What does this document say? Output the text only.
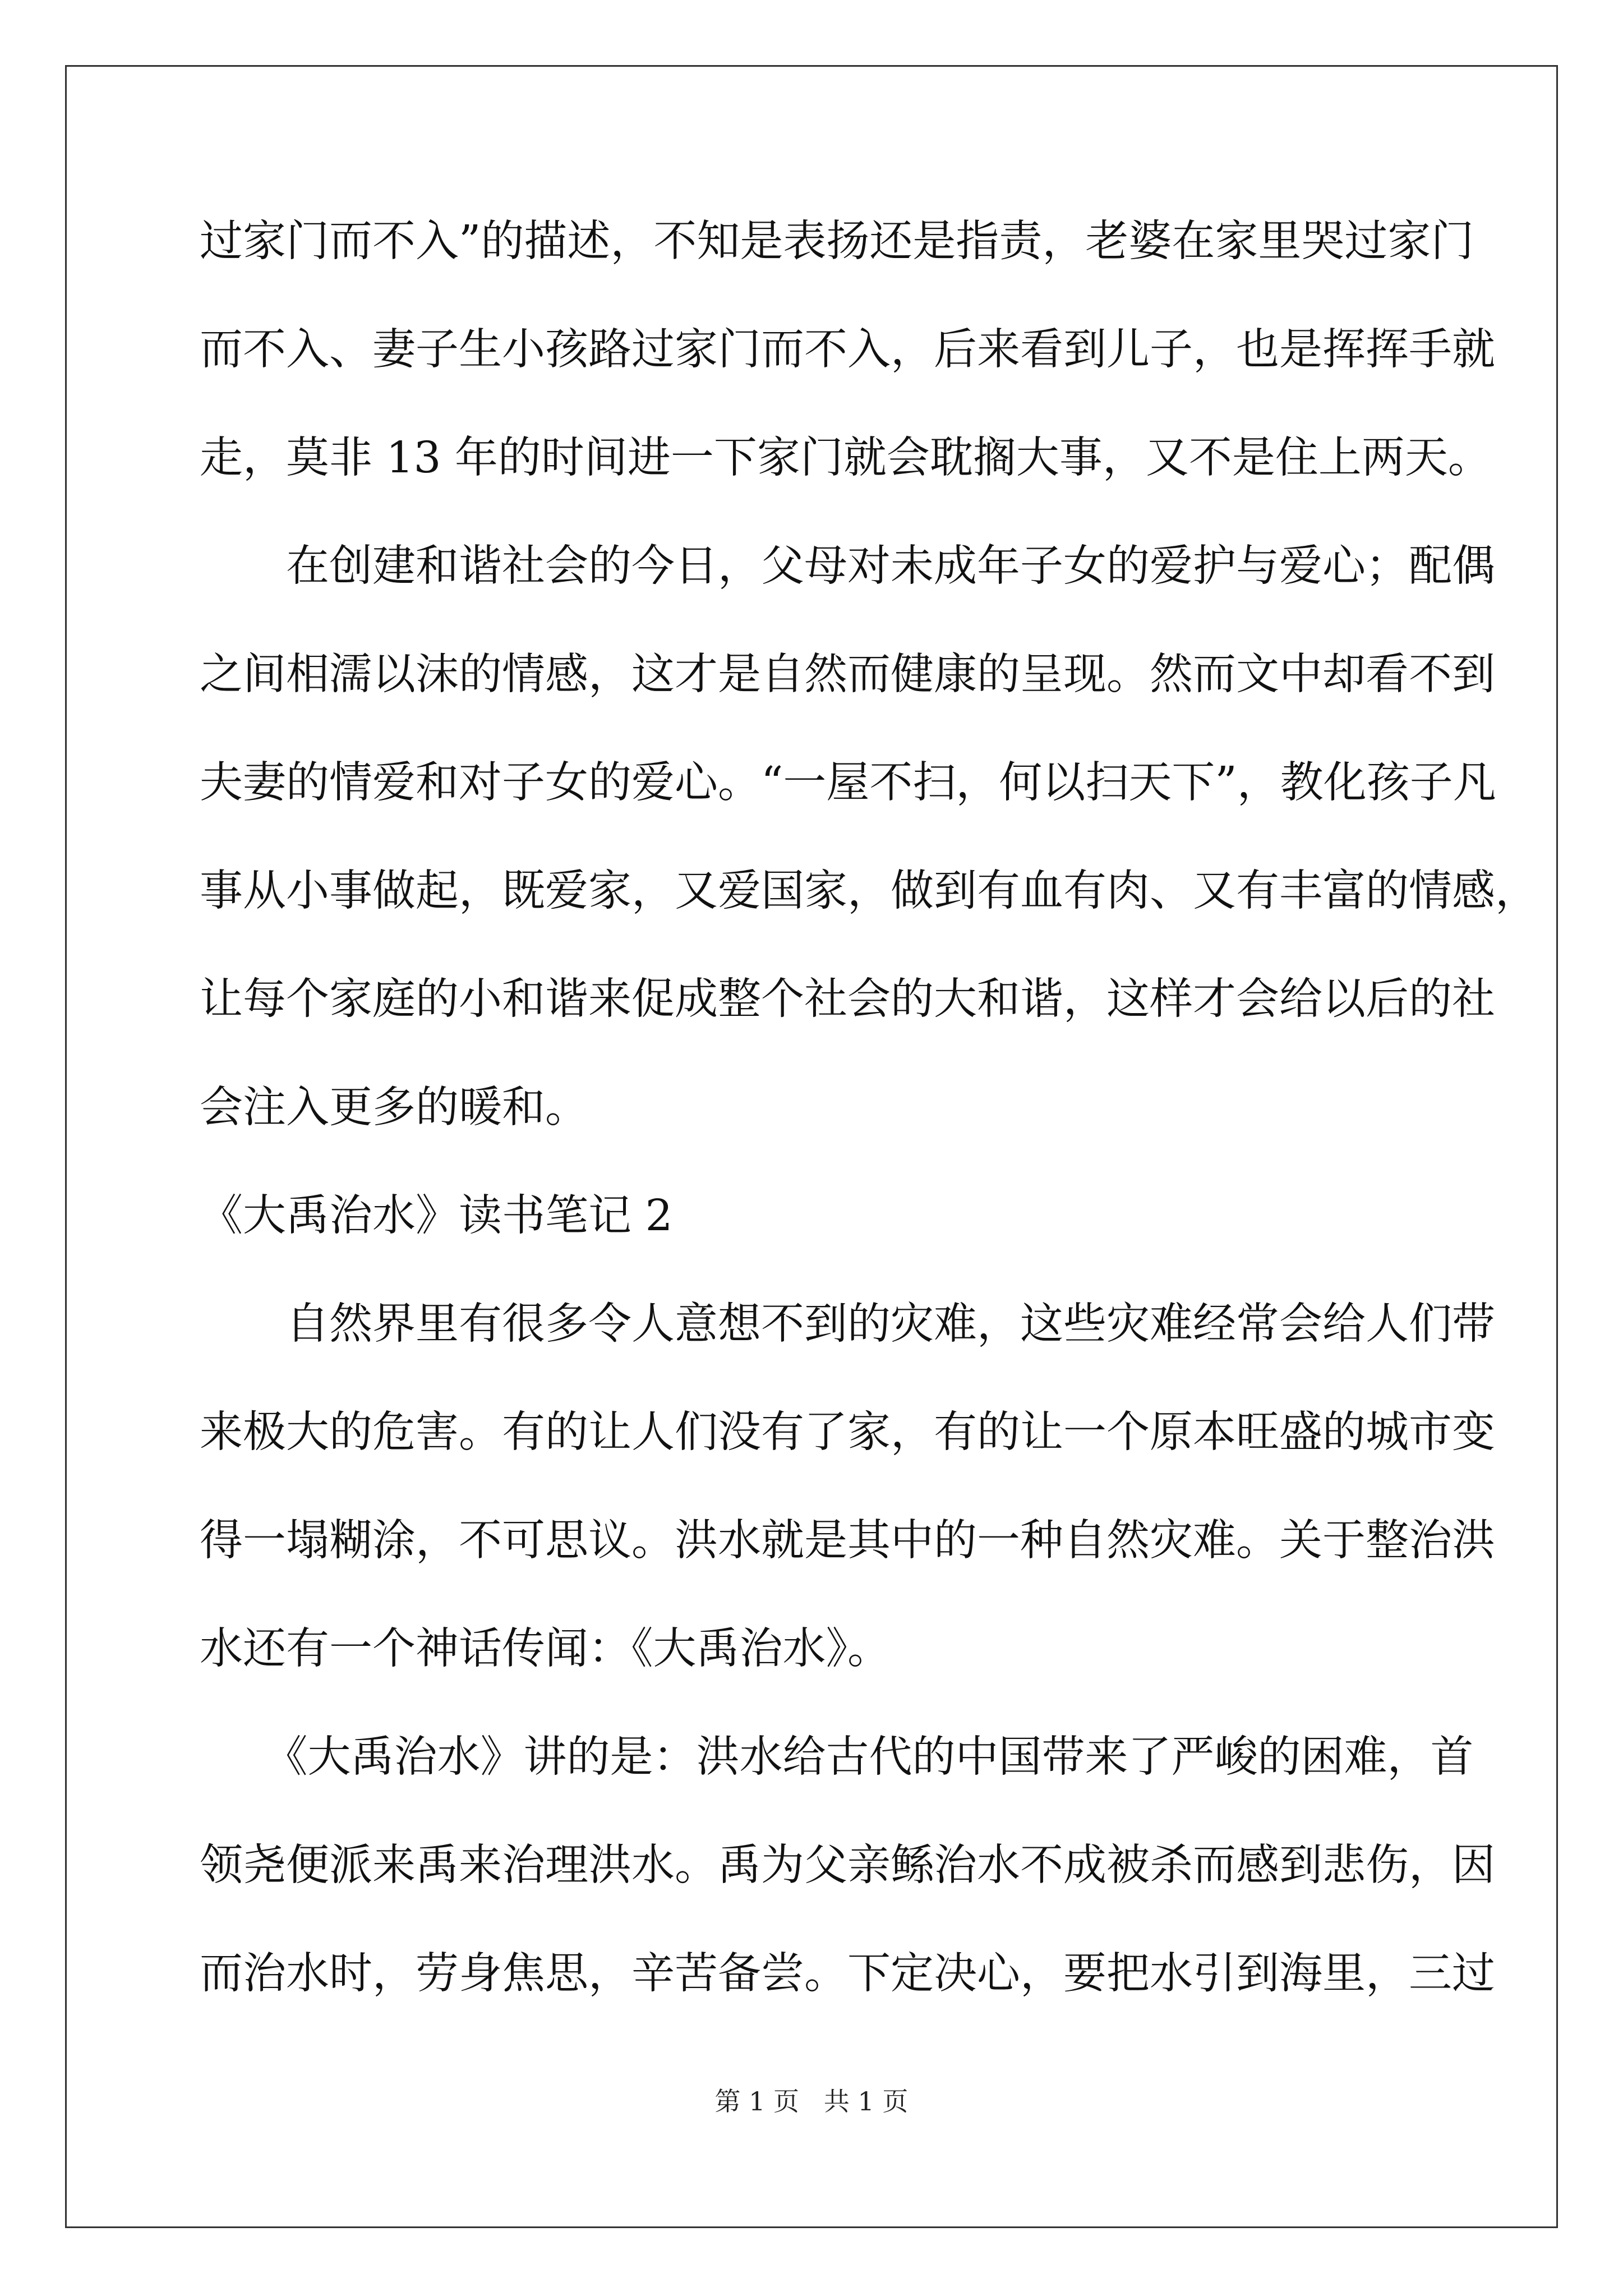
过家门而不入”的描述，不知是表扬还是指责，老婆在家里哭过家门
而不入、妻子生小孩路过家门而不入，后来看到儿子，也是挥挥手就
走，莫非 13 年的时间进一下家门就会耽搁大事，又不是住上两天。
　　在创建和谐社会的今日，父母对未成年子女的爱护与爱心；配偶
之间相濡以沫的情感，这才是自然而健康的呈现。然而文中却看不到
夫妻的情爱和对子女的爱心。“一屋不扫，何以扫天下”，教化孩子凡
事从小事做起，既爱家，又爱国家，做到有血有肉、又有丰富的情感，
让每个家庭的小和谐来促成整个社会的大和谐，这样才会给以后的社
会注入更多的暖和。
《大禹治水》读书笔记 2
　　自然界里有很多令人意想不到的灾难，这些灾难经常会给人们带
来极大的危害。有的让人们没有了家，有的让一个原本旺盛的城市变
得一塌糊涂，不可思议。洪水就是其中的一种自然灾难。关于整治洪
水还有一个神话传闻：《大禹治水》。
　　《大禹治水》讲的是：洪水给古代的中国带来了严峻的困难，首
领尧便派来禹来治理洪水。禹为父亲鲧治水不成被杀而感到悲伤，因
而治水时，劳身焦思，辛苦备尝。下定决心，要把水引到海里，三过
第 1 页   共 1 页
